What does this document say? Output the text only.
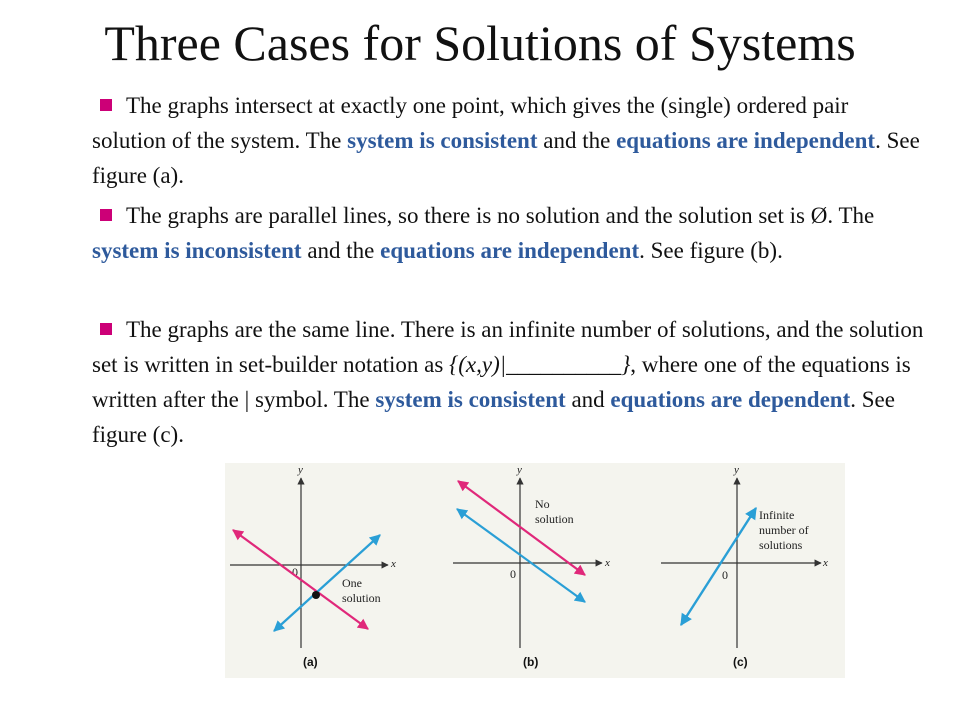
Three Cases for Solutions of Systems
The graphs intersect at exactly one point, which gives the (single) ordered pair solution of the system. The system is consistent and the equations are independent. See figure (a).
The graphs are parallel lines, so there is no solution and the solution set is Ø. The system is inconsistent and the equations are independent. See figure (b).
The graphs are the same line. There is an infinite number of solutions, and the solution set is written in set-builder notation as {(x,y)|__________}, where one of the equations is written after the | symbol. The system is consistent and equations are dependent. See figure (c).
x
y
0
One
solution
(a)
x
y
0
No
solution
(b)
x
y
0
Infinite
number of
solutions
(c)
